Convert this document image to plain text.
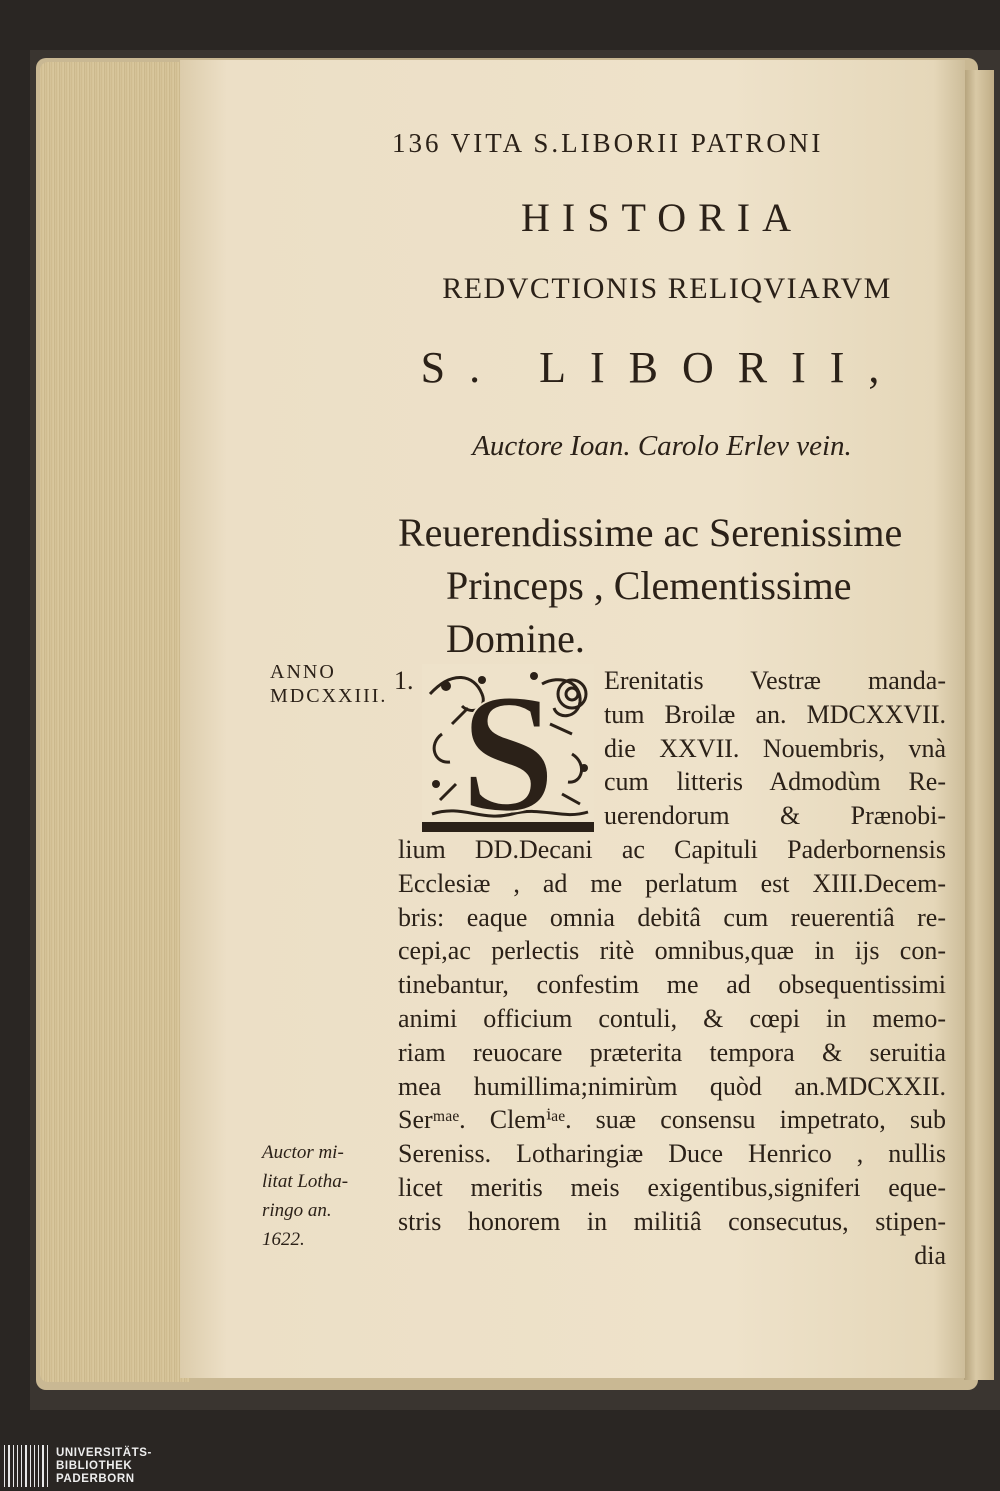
136 VITA S.LIBORII PATRONI
HISTORIA
REDVCTIONIS RELIQVIARVM
S. LIBORII,
Auctore Ioan. Carolo Erlev vein.
Reuerendissime ac Serenissime
Princeps , Clementissime
Domine.
ANNO
MDCXXIII.
Auctor mi-
litat Lotha-
ringo an.
1622.
1. S	Erenitatis Vestræ manda-
tum Broilæ an. MDCXXVII.
die XXVII. Nouembris, vnà
cum litteris Admodùm Re-
uerendorum & Prænobi-
lium DD.Decani ac Capituli Paderbornensis
Ecclesiæ , ad me perlatum est XIII.Decem-
bris: eaque omnia debitâ cum reuerentiâ re-
cepi,ac perlectis ritè omnibus,quæ in ijs con-
tinebantur, confestim me ad obsequentissimi
animi officium contuli, & cœpi in memo-
riam reuocare præterita tempora & seruitia
mea humillima;nimirùm quòd an.MDCXXII.
Serᵐᵃᵉ. Clemⁱᵃᵉ. suæ consensu impetrato, sub
Sereniss. Lotharingiæ Duce Henrico , nullis
licet meritis meis exigentibus,signiferi eque-
stris honorem in militiâ consecutus, stipen-
dia
UNIVERSITÄTS-
BIBLIOTHEK
PADERBORN
